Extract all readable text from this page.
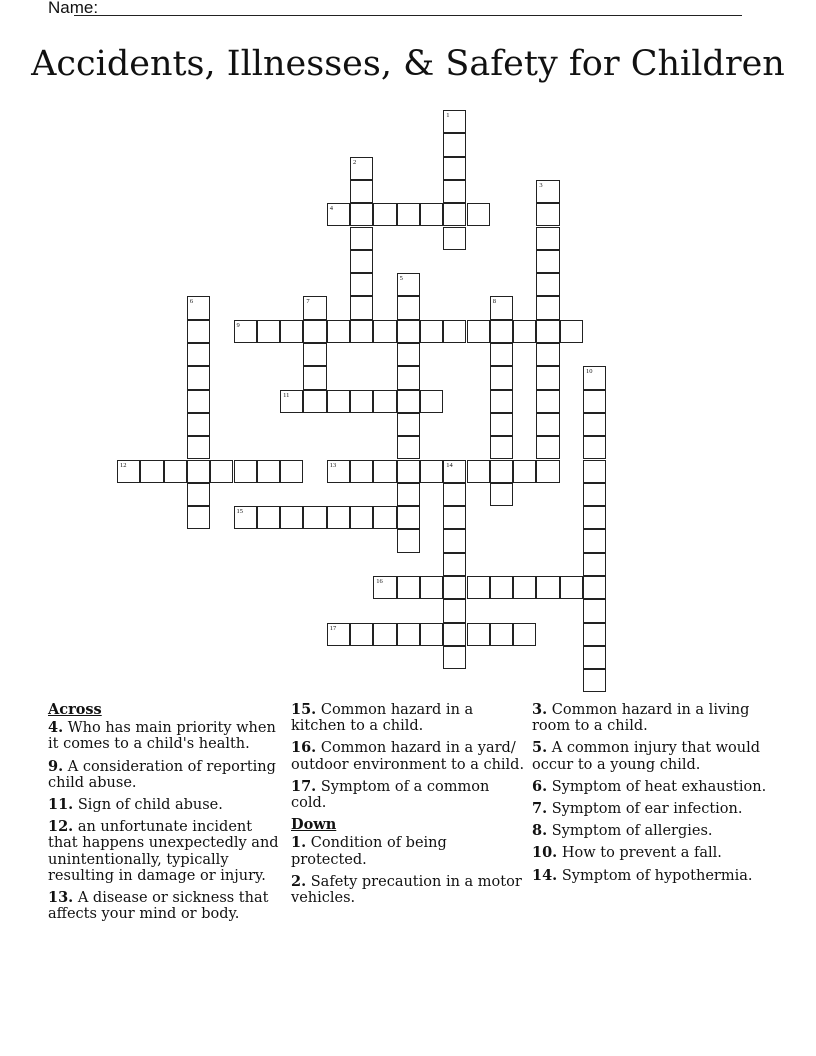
Name:
Accidents, Illnesses, & Safety for Children
1
2
3
4
5
6	7	8
9
10
11
12	13	14
15
16
17
Across
4. Who has main priority when it comes to a child's health.
9. A consideration of reporting child abuse.
11. Sign of child abuse.
12. an unfortunate incident that happens unexpectedly and unintentionally, typically resulting in damage or injury.
13. A disease or sickness that affects your mind or body.
15. Common hazard in a kitchen to a child.
16. Common hazard in a yard/ outdoor environment to a child.
17. Symptom of a common cold.
Down
1. Condition of being protected.
2. Safety precaution in a motor vehicles.
3. Common hazard in a living room to a child.
5. A common injury that would occur to a young child.
6. Symptom of heat exhaustion.
7. Symptom of ear infection.
8. Symptom of allergies.
10. How to prevent a fall.
14. Symptom of hypothermia.
